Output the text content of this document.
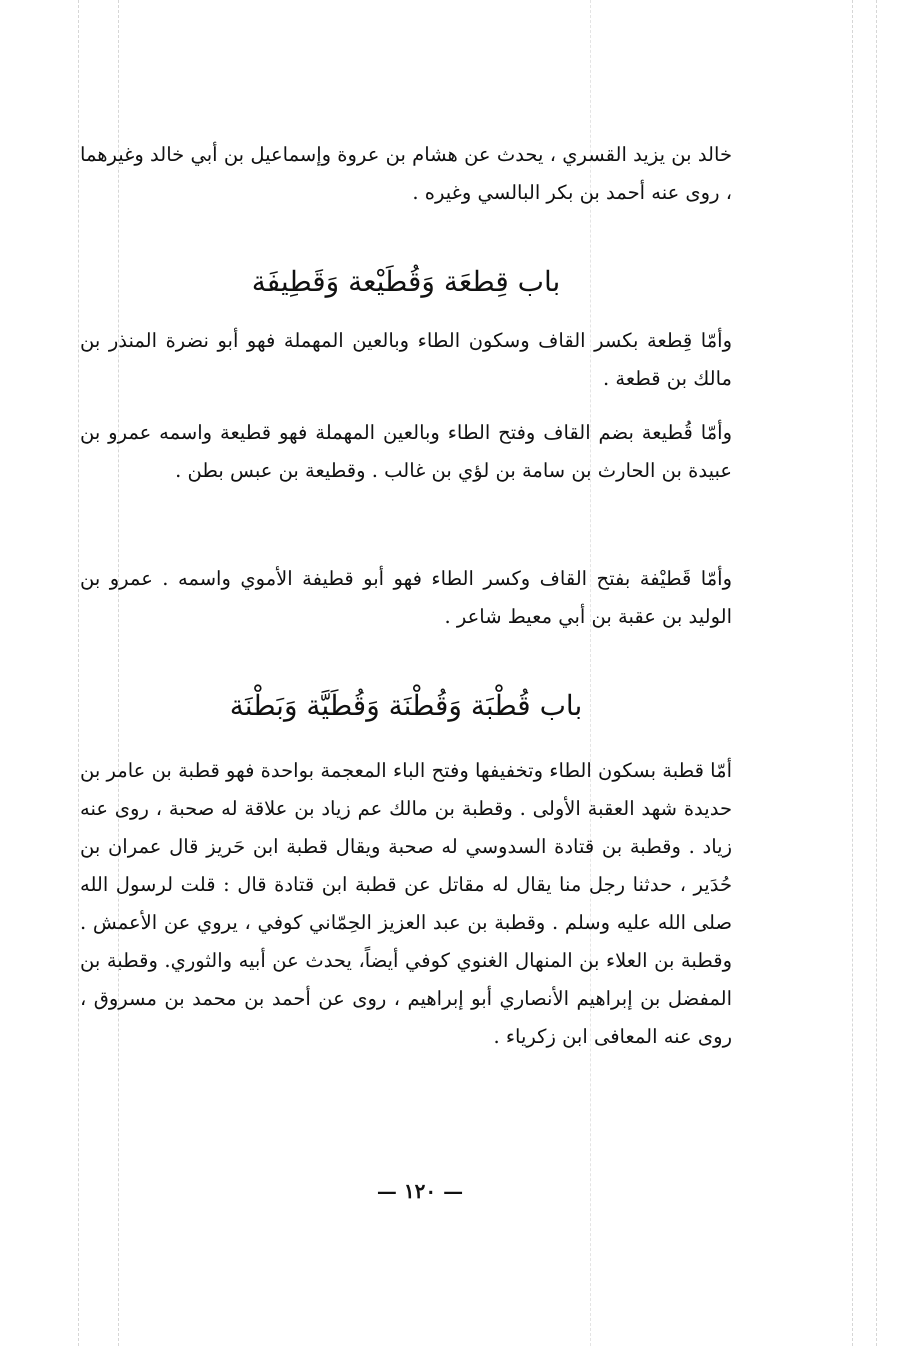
خالد بن يزيد القسري ، يحدث عن هشام بن عروة وإسماعيل بن أبي خالد وغيرهما ، روى عنه أحمد بن بكر البالسي وغيره .

باب قِطعَة وَقُطَيْعة وَقَطِيفَة

وأمّا قِطعة بكسر القاف وسكون الطاء وبالعين المهملة فهو أبو نضرة المنذر بن مالك بن قطعة .

وأمّا قُطيعة بضم القاف وفتح الطاء وبالعين المهملة فهو قطيعة واسمه عمرو بن عبيدة بن الحارث بن سامة بن لؤي بن غالب . وقطيعة بن عبس بطن .

وأمّا قَطيْفة بفتح القاف وكسر الطاء فهو أبو قطيفة الأموي واسمه . عمرو بن الوليد بن عقبة بن أبي معيط شاعر .

باب قُطْبَة وَقُطْنَة وَقُطَيَّة وَبَطْنَة

أمّا قطبة بسكون الطاء وتخفيفها وفتح الباء المعجمة بواحدة فهو قطبة بن عامر بن حديدة شهد العقبة الأولى . وقطبة بن مالك عم زياد بن علاقة له صحبة ، روى عنه زياد . وقطبة بن قتادة السدوسي له صحبة ويقال قطبة ابن حَريز قال عمران بن حُدَير ، حدثنا رجل منا يقال له مقاتل عن قطبة ابن قتادة قال : قلت لرسول الله صلى الله عليه وسلم . وقطبة بن عبد العزيز الحِمّاني كوفي ، يروي عن الأعمش . وقطبة بن العلاء بن المنهال الغنوي كوفي أيضاً، يحدث عن أبيه والثوري. وقطبة بن المفضل بن إبراهيم الأنصاري أبو إبراهيم ، روى عن أحمد بن محمد بن مسروق ، روى عنه المعافى ابن زكرياء .

— ١٢٠ —
